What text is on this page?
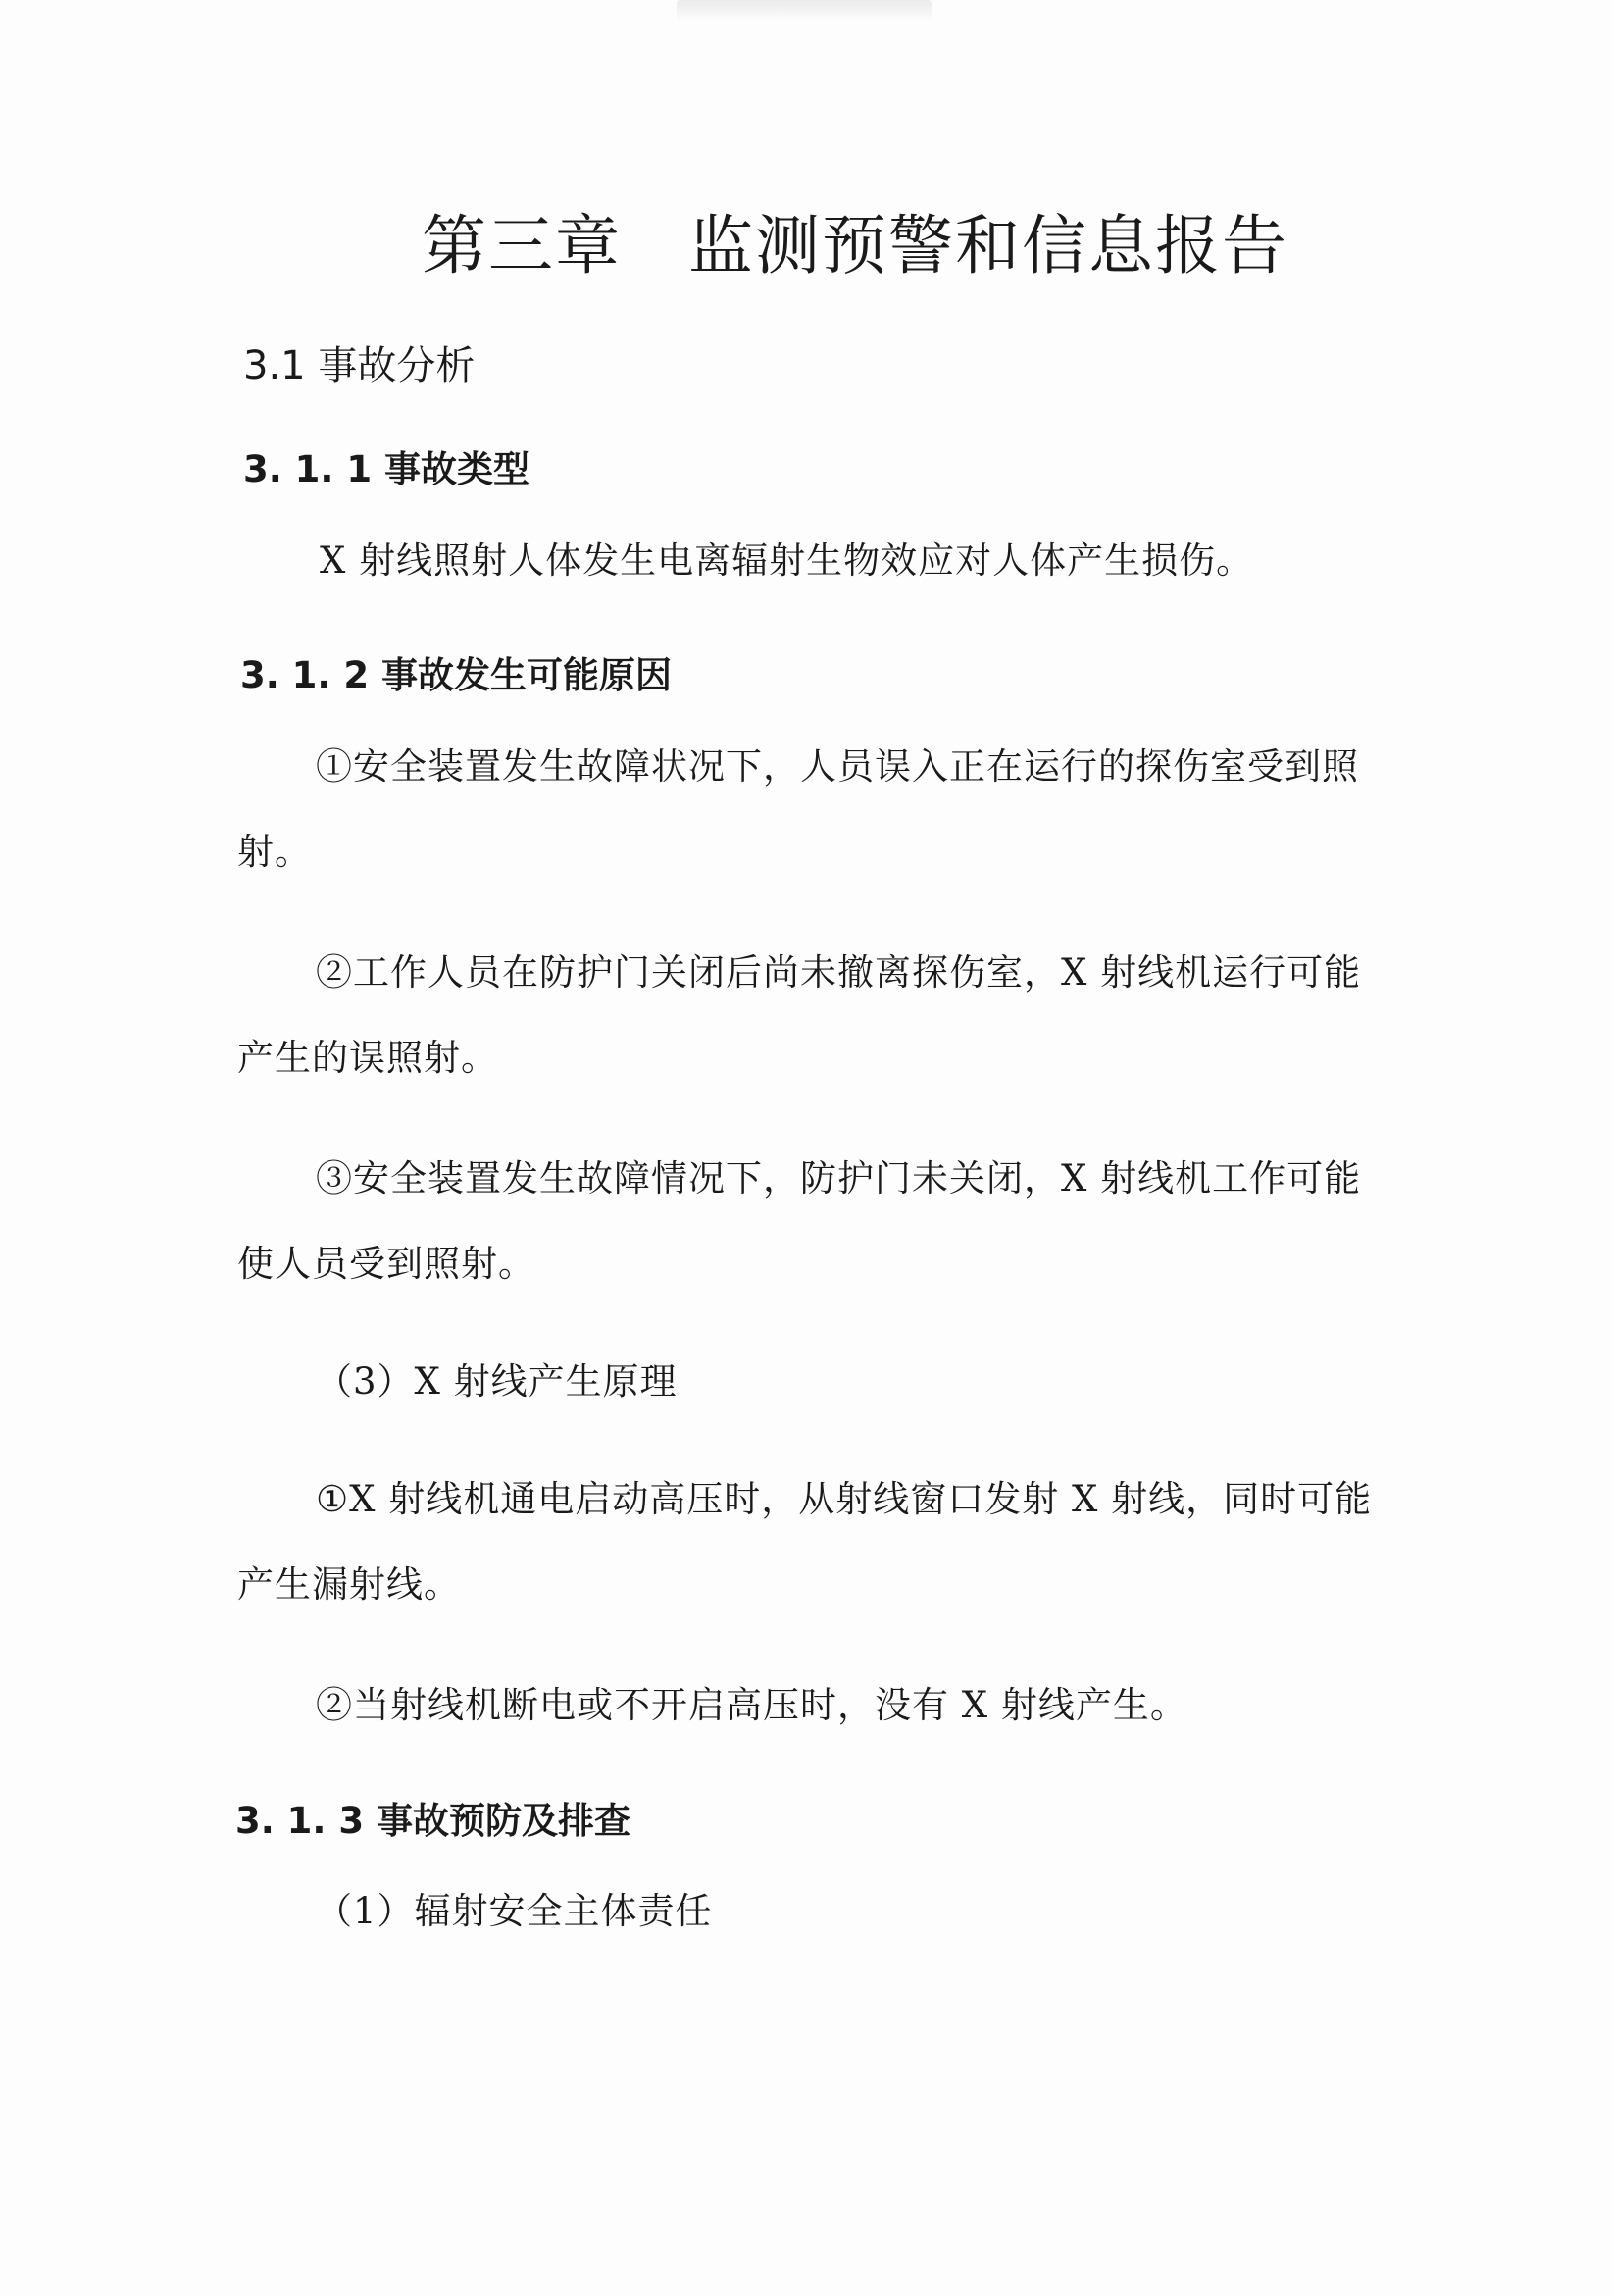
第三章　监测预警和信息报告
3.1 事故分析
3. 1. 1 事故类型
X 射线照射人体发生电离辐射生物效应对人体产生损伤。
3. 1. 2 事故发生可能原因
①安全装置发生故障状况下，人员误入正在运行的探伤室受到照
射。
②工作人员在防护门关闭后尚未撤离探伤室，X 射线机运行可能
产生的误照射。
③安全装置发生故障情况下，防护门未关闭，X 射线机工作可能
使人员受到照射。
（3）X 射线产生原理
①X 射线机通电启动高压时，从射线窗口发射 X 射线，同时可能
产生漏射线。
②当射线机断电或不开启高压时，没有 X 射线产生。
3. 1. 3 事故预防及排查
（1）辐射安全主体责任
